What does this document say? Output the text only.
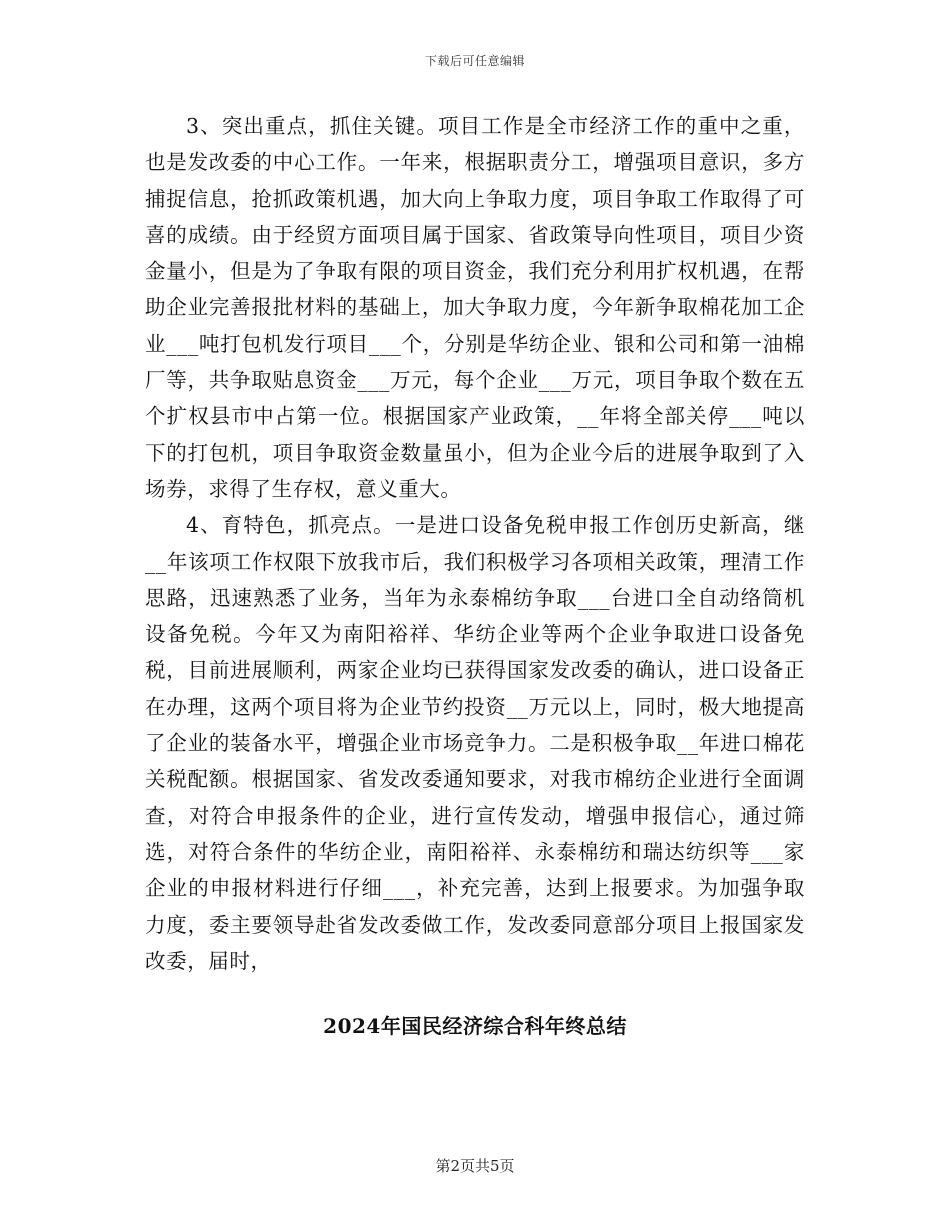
下载后可任意编辑

3、突出重点，抓住关键。项目工作是全市经济工作的重中之重，也是发改委的中心工作。一年来，根据职责分工，增强项目意识，多方捕捉信息，抢抓政策机遇，加大向上争取力度，项目争取工作取得了可喜的成绩。由于经贸方面项目属于国家、省政策导向性项目，项目少资金量小，但是为了争取有限的项目资金，我们充分利用扩权机遇，在帮助企业完善报批材料的基础上，加大争取力度，今年新争取棉花加工企业___吨打包机发行项目___个，分别是华纺企业、银和公司和第一油棉厂等，共争取贴息资金___万元，每个企业___万元，项目争取个数在五个扩权县市中占第一位。根据国家产业政策，__年将全部关停___吨以下的打包机，项目争取资金数量虽小，但为企业今后的进展争取到了入场券，求得了生存权，意义重大。

4、育特色，抓亮点。一是进口设备免税申报工作创历史新高，继__年该项工作权限下放我市后，我们积极学习各项相关政策，理清工作思路，迅速熟悉了业务，当年为永泰棉纺争取___台进口全自动络筒机设备免税。今年又为南阳裕祥、华纺企业等两个企业争取进口设备免税，目前进展顺利，两家企业均已获得国家发改委的确认，进口设备正在办理，这两个项目将为企业节约投资__万元以上，同时，极大地提高了企业的装备水平，增强企业市场竞争力。二是积极争取__年进口棉花关税配额。根据国家、省发改委通知要求，对我市棉纺企业进行全面调查，对符合申报条件的企业，进行宣传发动，增强申报信心，通过筛选，对符合条件的华纺企业，南阳裕祥、永泰棉纺和瑞达纺织等___家企业的申报材料进行仔细___，补充完善，达到上报要求。为加强争取力度，委主要领导赴省发改委做工作，发改委同意部分项目上报国家发改委，届时，

2024年国民经济综合科年终总结
第2页共5页
